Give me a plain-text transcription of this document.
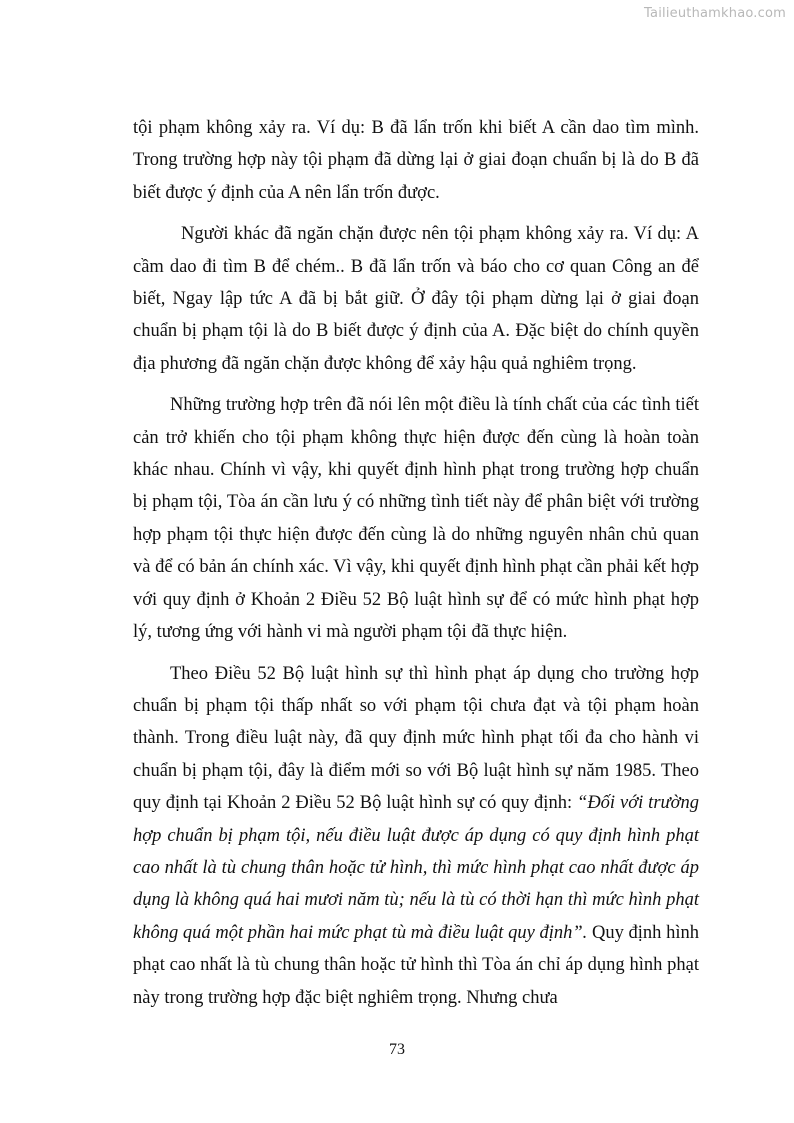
Tailieuthamkhao.com

tội phạm không xảy ra. Ví dụ: B đã lẩn trốn khi biết A cần dao tìm mình. Trong trường hợp này tội phạm đã dừng lại ở giai đoạn chuẩn bị là do B đã biết được ý định của A nên lẩn trốn được.

Người khác đã ngăn chặn được nên tội phạm không xảy ra. Ví dụ: A cầm dao đi tìm B để chém.. B đã lẩn trốn và báo cho cơ quan Công an để biết, Ngay lập tức A đã bị bắt giữ. Ở đây tội phạm dừng lại ở giai đoạn chuẩn bị phạm tội là do B biết được ý định của A. Đặc biệt do chính quyền địa phương đã ngăn chặn được không để xảy hậu quả nghiêm trọng.

Những trường hợp trên đã nói lên một điều là tính chất của các tình tiết cản trở khiến cho tội phạm không thực hiện được đến cùng là hoàn toàn khác nhau. Chính vì vậy, khi quyết định hình phạt trong trường hợp chuẩn bị phạm tội, Tòa án cần lưu ý có những tình tiết này để phân biệt với trường hợp phạm tội thực hiện được đến cùng là do những nguyên nhân chủ quan và để có bản án chính xác. Vì vậy, khi quyết định hình phạt cần phải kết hợp với quy định ở Khoản 2 Điều 52 Bộ luật hình sự để có mức hình phạt hợp lý, tương ứng với hành vi mà người phạm tội đã thực hiện.

Theo Điều 52 Bộ luật hình sự thì hình phạt áp dụng cho trường hợp chuẩn bị phạm tội thấp nhất so với phạm tội chưa đạt và tội phạm hoàn thành. Trong điều luật này, đã quy định mức hình phạt tối đa cho hành vi chuẩn bị phạm tội, đây là điểm mới so với Bộ luật hình sự năm 1985. Theo quy định tại Khoản 2 Điều 52 Bộ luật hình sự có quy định: “Đối với trường hợp chuẩn bị phạm tội, nếu điều luật được áp dụng có quy định hình phạt cao nhất là tù chung thân hoặc tử hình, thì mức hình phạt cao nhất được áp dụng là không quá hai mươi năm tù; nếu là tù có thời hạn thì mức hình phạt không quá một phần hai mức phạt tù mà điều luật quy định”. Quy định hình phạt cao nhất là tù chung thân hoặc tử hình thì Tòa án chỉ áp dụng hình phạt này trong trường hợp đặc biệt nghiêm trọng. Nhưng chưa

73
